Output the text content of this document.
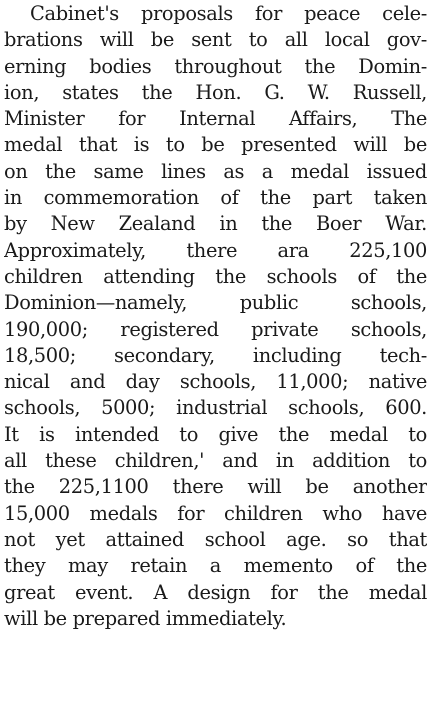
Cabinet's proposals for peace cele-
brations will be sent to all local gov-
erning bodies throughout the Domin-
ion, states the Hon. G. W. Russell,
Minister for Internal Affairs, The
medal that is to be presented will be
on the same lines as a medal issued
in commemoration of the part taken
by New Zealand in the Boer War.
Approximately, there ara 225,100
children attending the schools of the
Dominion—namely, public schools,
190,000; registered private schools,
18,500; secondary, including tech-
nical and day schools, 11,000; native
schools, 5000; industrial schools, 600.
It is intended to give the medal to
all these children,' and in addition to
the 225,1100 there will be another
15,000 medals for children who have
not yet attained school age. so that
they may retain a memento of the
great event. A design for the medal
will be prepared immediately.
